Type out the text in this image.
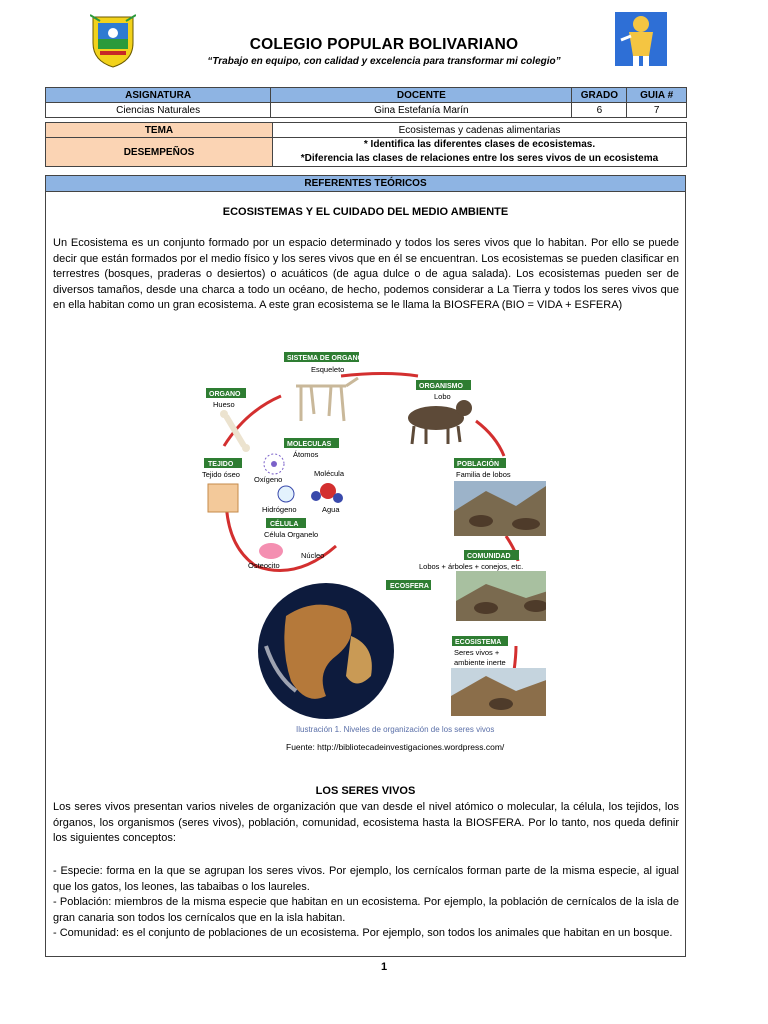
COLEGIO POPULAR BOLIVARIANO
“Trabajo en equipo, con calidad y excelencia para transformar mi colegio”
ASIGNATURA	DOCENTE	GRADO	GUIA #
Ciencias Naturales	Gina Estefanía Marín	6	7
TEMA	Ecosistemas y cadenas alimentarias
DESEMPEÑOS	* Identifica las diferentes clases de ecosistemas.
*Diferencia las clases de relaciones entre los seres vivos de un ecosistema
REFERENTES TEÓRICOS
ECOSISTEMAS Y EL CUIDADO DEL MEDIO AMBIENTE
Un Ecosistema es un conjunto formado por un espacio determinado y todos los seres vivos que lo habitan. Por ello se puede decir que están formados por el medio físico y los seres vivos que en él se encuentran. Los ecosistemas se pueden clasificar en terrestres (bosques, praderas o desiertos) o acuáticos (de agua dulce o de agua salada). Los ecosistemas pueden ser de diversos tamaños, desde una charca a todo un océano, de hecho, podemos considerar a La Tierra y todos los seres vivos que en ella habitan como un gran ecosistema. A este gran ecosistema se le llama la BIOSFERA (BIO = VIDA + ESFERA)
SISTEMA DE ORGANOS
Esqueleto
ORGANISMO
Lobo
ORGANO
Hueso
MOLECULAS
Átomos
Oxígeno
Molécula
Hidrógeno	Agua
TEJIDO
Tejido óseo
CÉLULA
Célula Organelo
Osteocito
Núcleo
POBLACIÓN
Familia de lobos
COMUNIDAD
Lobos + árboles + conejos, etc.
ECOSFERA
ECOSISTEMA
Seres vivos +
ambiente inerte
Ilustración 1. Niveles de organización de los seres vivos
Fuente: http://bibliotecadeinvestigaciones.wordpress.com/
LOS SERES VIVOS
Los seres vivos presentan varios niveles de organización que van desde el nivel atómico o molecular, la célula, los tejidos, los órganos, los organismos (seres vivos), población, comunidad, ecosistema hasta la BIOSFERA. Por lo tanto, nos queda definir los siguientes conceptos:
- Especie: forma en la que se agrupan los seres vivos. Por ejemplo, los cernícalos forman parte de la misma especie, al igual que los gatos, los leones, las tabaibas o los laureles.
- Población: miembros de la misma especie que habitan en un ecosistema. Por ejemplo, la población de cernícalos de la isla de gran canaria son todos los cernícalos que en la isla habitan.
- Comunidad: es el conjunto de poblaciones de un ecosistema. Por ejemplo, son todos los animales que habitan en un bosque.
1
